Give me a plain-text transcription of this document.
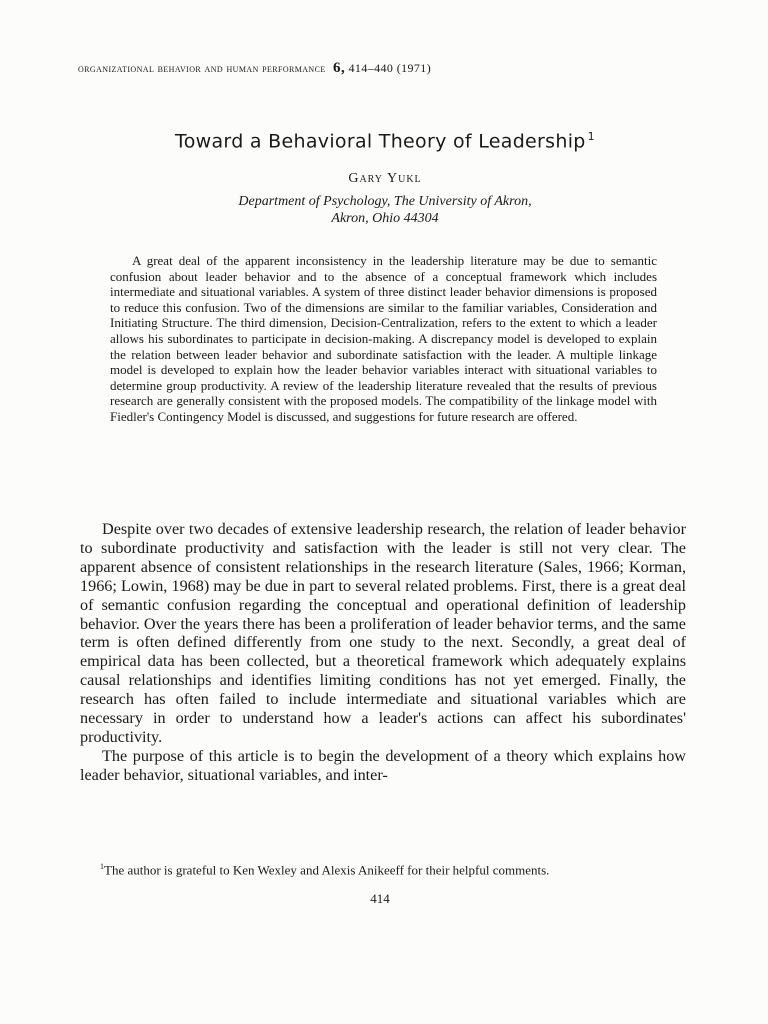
organizational behavior and human performance 6, 414–440 (1971)
Toward a Behavioral Theory of Leadership $^1$
Gary Yukl
Department of Psychology, The University of Akron,
Akron, Ohio 44304

A great deal of the apparent inconsistency in the leadership literature may be due to semantic confusion about leader behavior and to the absence of a conceptual framework which includes intermediate and situational variables. A system of three distinct leader behavior dimensions is proposed to reduce this confusion. Two of the dimensions are similar to the familiar variables, Consideration and Initiating Structure. The third dimension, Decision-Centralization, refers to the extent to which a leader allows his subordinates to participate in decision-making. A discrepancy model is developed to explain the relation between leader behavior and subordinate satisfaction with the leader. A multiple linkage model is developed to explain how the leader behavior variables interact with situational variables to determine group productivity. A review of the leadership literature revealed that the results of previous research are generally consistent with the proposed models. The compatibility of the linkage model with Fiedler's Contingency Model is discussed, and suggestions for future research are offered.

Despite over two decades of extensive leadership research, the relation of leader behavior to subordinate productivity and satisfaction with the leader is still not very clear. The apparent absence of consistent relationships in the research literature (Sales, 1966; Korman, 1966; Lowin, 1968) may be due in part to several related problems. First, there is a great deal of semantic confusion regarding the conceptual and operational definition of leadership behavior. Over the years there has been a proliferation of leader behavior terms, and the same term is often defined differently from one study to the next. Secondly, a great deal of empirical data has been collected, but a theoretical framework which adequately explains causal relationships and identifies limiting conditions has not yet emerged. Finally, the research has often failed to include intermediate and situational variables which are necessary in order to understand how a leader's actions can affect his subordinates' productivity.

The purpose of this article is to begin the development of a theory which explains how leader behavior, situational variables, and inter-

$^1$The author is grateful to Ken Wexley and Alexis Anikeeff for their helpful comments.

414
